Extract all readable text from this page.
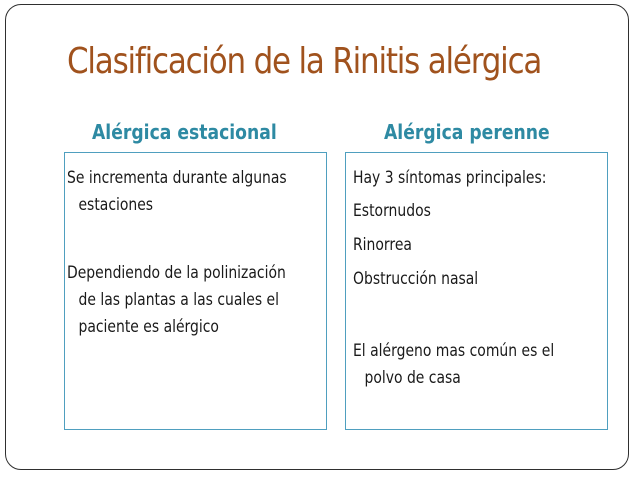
Clasificación de la Rinitis alérgica
Alérgica estacional	Alérgica perenne

Se incrementa durante algunas
estaciones

Dependiendo de la polinización
de las plantas a las cuales el
paciente es alérgico

Hay 3 síntomas principales:

Estornudos

Rinorrea

Obstrucción nasal

El alérgeno mas común es el
polvo de casa
